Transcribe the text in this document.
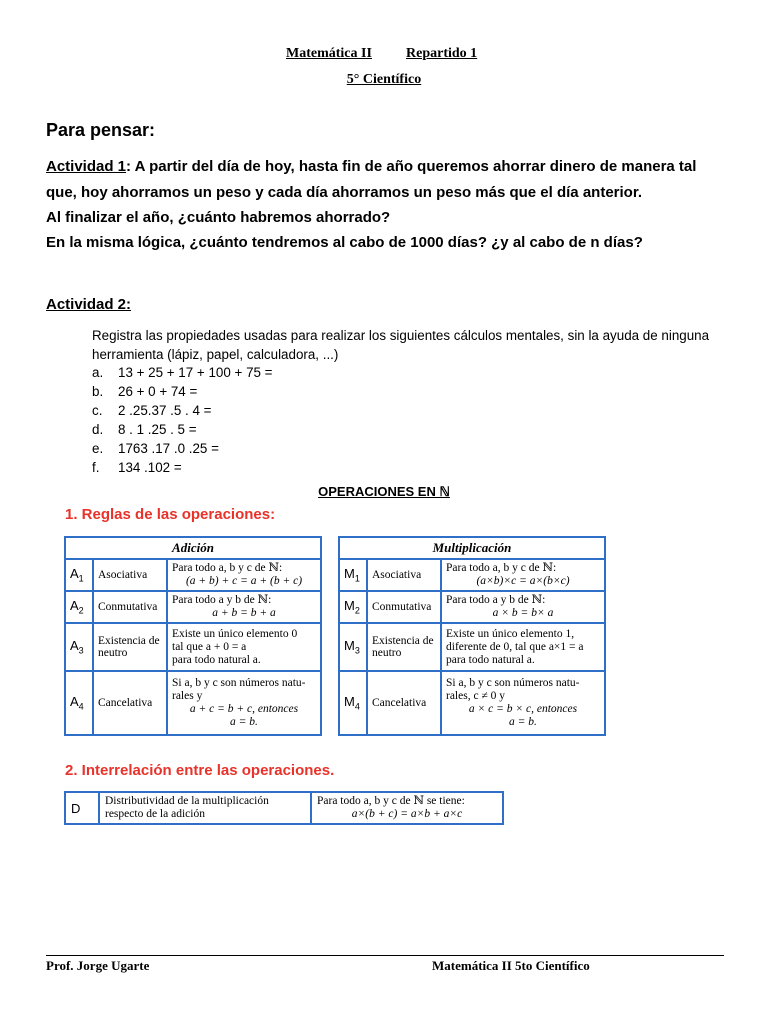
Matemática II Repartido 1
5° Científico
Para pensar:
Actividad 1: A partir del día de hoy, hasta fin de año queremos ahorrar dinero de manera tal
que, hoy ahorramos un peso y cada día ahorramos un peso más que el día anterior.
Al finalizar el año, ¿cuánto habremos ahorrado?
En la misma lógica, ¿cuánto tendremos al cabo de 1000 días? ¿y al cabo de n días?
Actividad 2:
Registra las propiedades usadas para realizar los siguientes cálculos mentales, sin la ayuda de ninguna herramienta (lápiz, papel, calculadora, ...)
a.	13 + 25 + 17 + 100 + 75 =
b.	26 + 0 + 74 =
c.	2 .25.37 .5 . 4 =
d.	8 . 1 .25 . 5 =
e.	1763 .17 .0 .25 =
f.	134 .102 =
OPERACIONES EN ℕ
1. Reglas de las operaciones:
Adición		
$A_1$	Asociativa	Para todo a, b y c de ℕ:
(a + b) + c = a + (b + c)

$A_2$	Conmutativa	Para todo a y b de ℕ:
a + b = b + a

$A_3$	Existencia de neutro	Existe un único elemento 0
tal que a + 0 = a
para todo natural a.

$A_4$	Cancelativa	Si a, b y c son números natu-
rales y
a + c = b + c, entonces
a = b.
Multiplicación		
$M_1$	Asociativa	Para todo a, b y c de ℕ:
(a×b)×c = a×(b×c)

$M_2$	Conmutativa	Para todo a y b de ℕ:
a × b = b× a

$M_3$	Existencia de neutro	Existe un único elemento 1,
diferente de 0, tal que a×1 = a
para todo natural a.

$M_4$	Cancelativa	Si a, b y c son números natu-
rales, c ≠ 0 y
a × c = b × c, entonces
a = b.
2. Interrelación entre las operaciones.
D	Distributividad de la multiplicación
respecto de la adición

Para todo a, b y c de ℕ se tiene:
a×(b + c) = a×b + a×c
Prof. Jorge Ugarte	Matemática II 5to Científico
